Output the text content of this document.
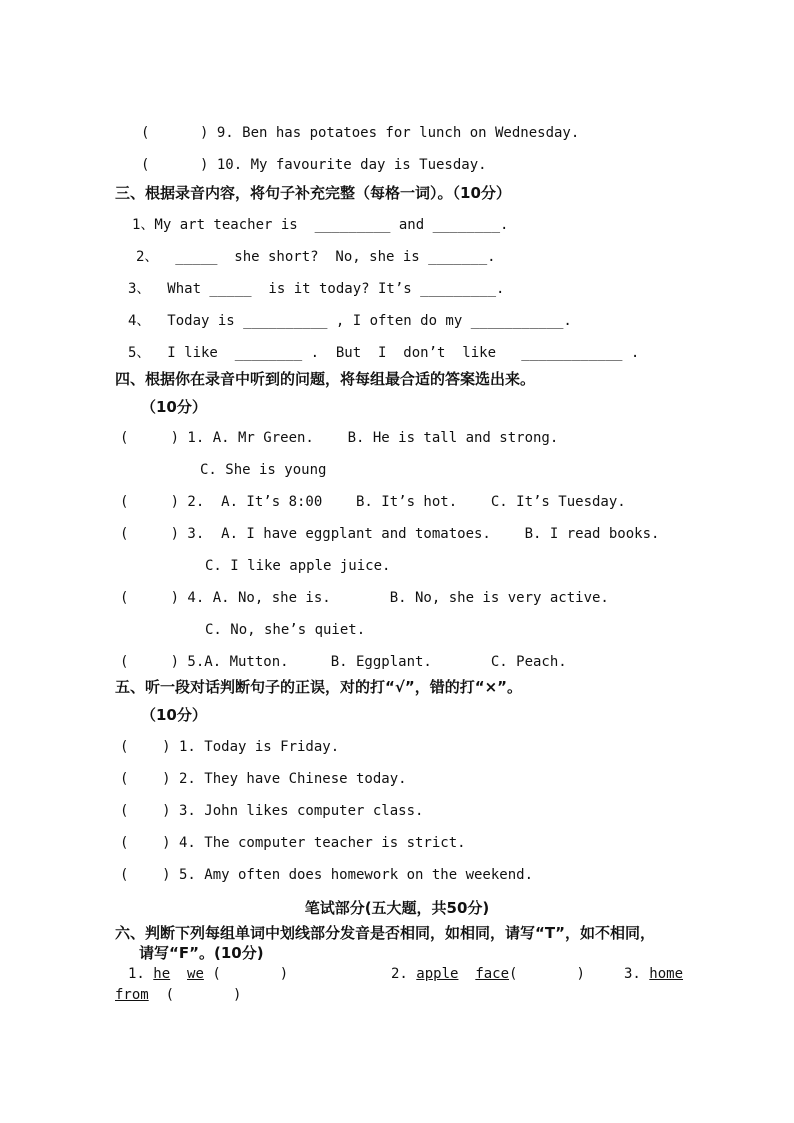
(      ) 9. Ben has potatoes for lunch on Wednesday.
(      ) 10. My favourite day is Tuesday.
三、根据录音内容，将句子补充完整（每格一词）。（10分）
1、My art teacher is  _________ and ________.
2、  _____  she short?  No, she is _______.
3、  What _____  is it today? It’s _________.
4、  Today is __________ , I often do my ___________.
5、  I like  ________ .  But  I  don’t  like   ____________ .
四、根据你在录音中听到的问题，将每组最合适的答案选出来。
（10分）
(     ) 1. A. Mr Green.    B. He is tall and strong.
C. She is young
(     ) 2.  A. It’s 8:00    B. It’s hot.    C. It’s Tuesday.
(     ) 3.  A. I have eggplant and tomatoes.    B. I read books.
C. I like apple juice.
(     ) 4. A. No, she is.       B. No, she is very active.
C. No, she’s quiet.
(     ) 5.A. Mutton.     B. Eggplant.       C. Peach.
五、听一段对话判断句子的正误，对的打“√”，错的打“×”。
（10分）
(    ) 1. Today is Friday.
(    ) 2. They have Chinese today.
(    ) 3. John likes computer class.
(    ) 4. The computer teacher is strict.
(    ) 5. Amy often does homework on the weekend.
笔试部分(五大题，共50分)
六、判断下列每组单词中划线部分发音是否相同，如相同，请写“T”，如不相同，
请写“F”。(10分)
1. he we (       )	2. apple face(       )	3. home
from (       )
